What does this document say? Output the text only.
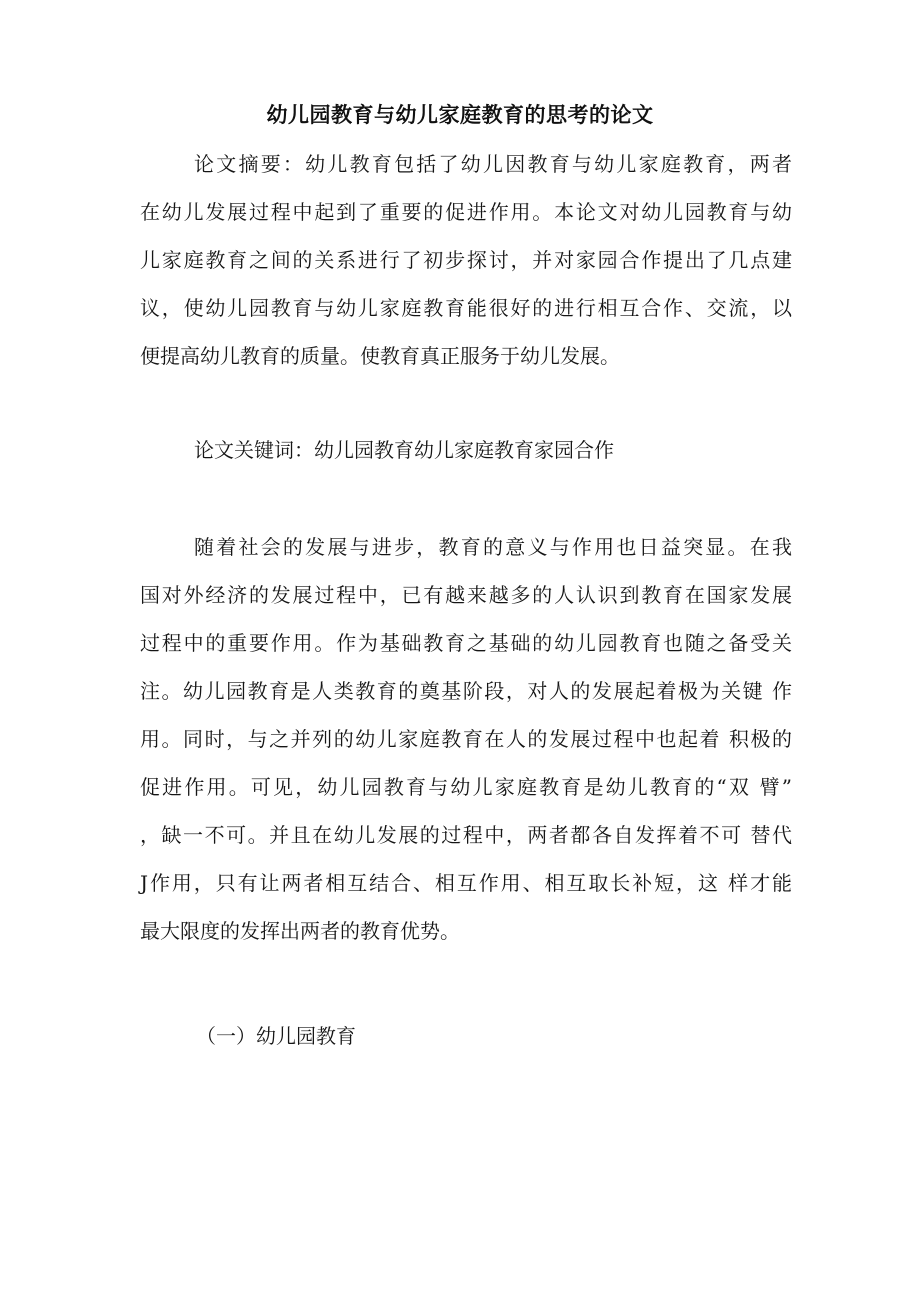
幼儿园教育与幼儿家庭教育的思考的论文
论文摘要：幼儿教育包括了幼儿因教育与幼儿家庭教育，两者
在幼儿发展过程中起到了重要的促进作用。本论文对幼儿园教育与幼
儿家庭教育之间的关系进行了初步探讨，并对家园合作提出了几点建
议，使幼儿园教育与幼儿家庭教育能很好的进行相互合作、交流，以
便提高幼儿教育的质量。使教育真正服务于幼儿发展。
论文关键词：幼儿园教育幼儿家庭教育家园合作
随着社会的发展与进步，教育的意义与作用也日益突显。在我
国对外经济的发展过程中，已有越来越多的人认识到教育在国家发展
过程中的重要作用。作为基础教育之基础的幼儿园教育也随之备受关
注。幼儿园教育是人类教育的奠基阶段，对人的发展起着极为关键 作
用。同时，与之并列的幼儿家庭教育在人的发展过程中也起着 积极的
促进作用。可见，幼儿园教育与幼儿家庭教育是幼儿教育的“双 臂”
，缺一不可。并且在幼儿发展的过程中，两者都各自发挥着不可 替代
J作用，只有让两者相互结合、相互作用、相互取长补短，这 样才能
最大限度的发挥出两者的教育优势。
（一）幼儿园教育
